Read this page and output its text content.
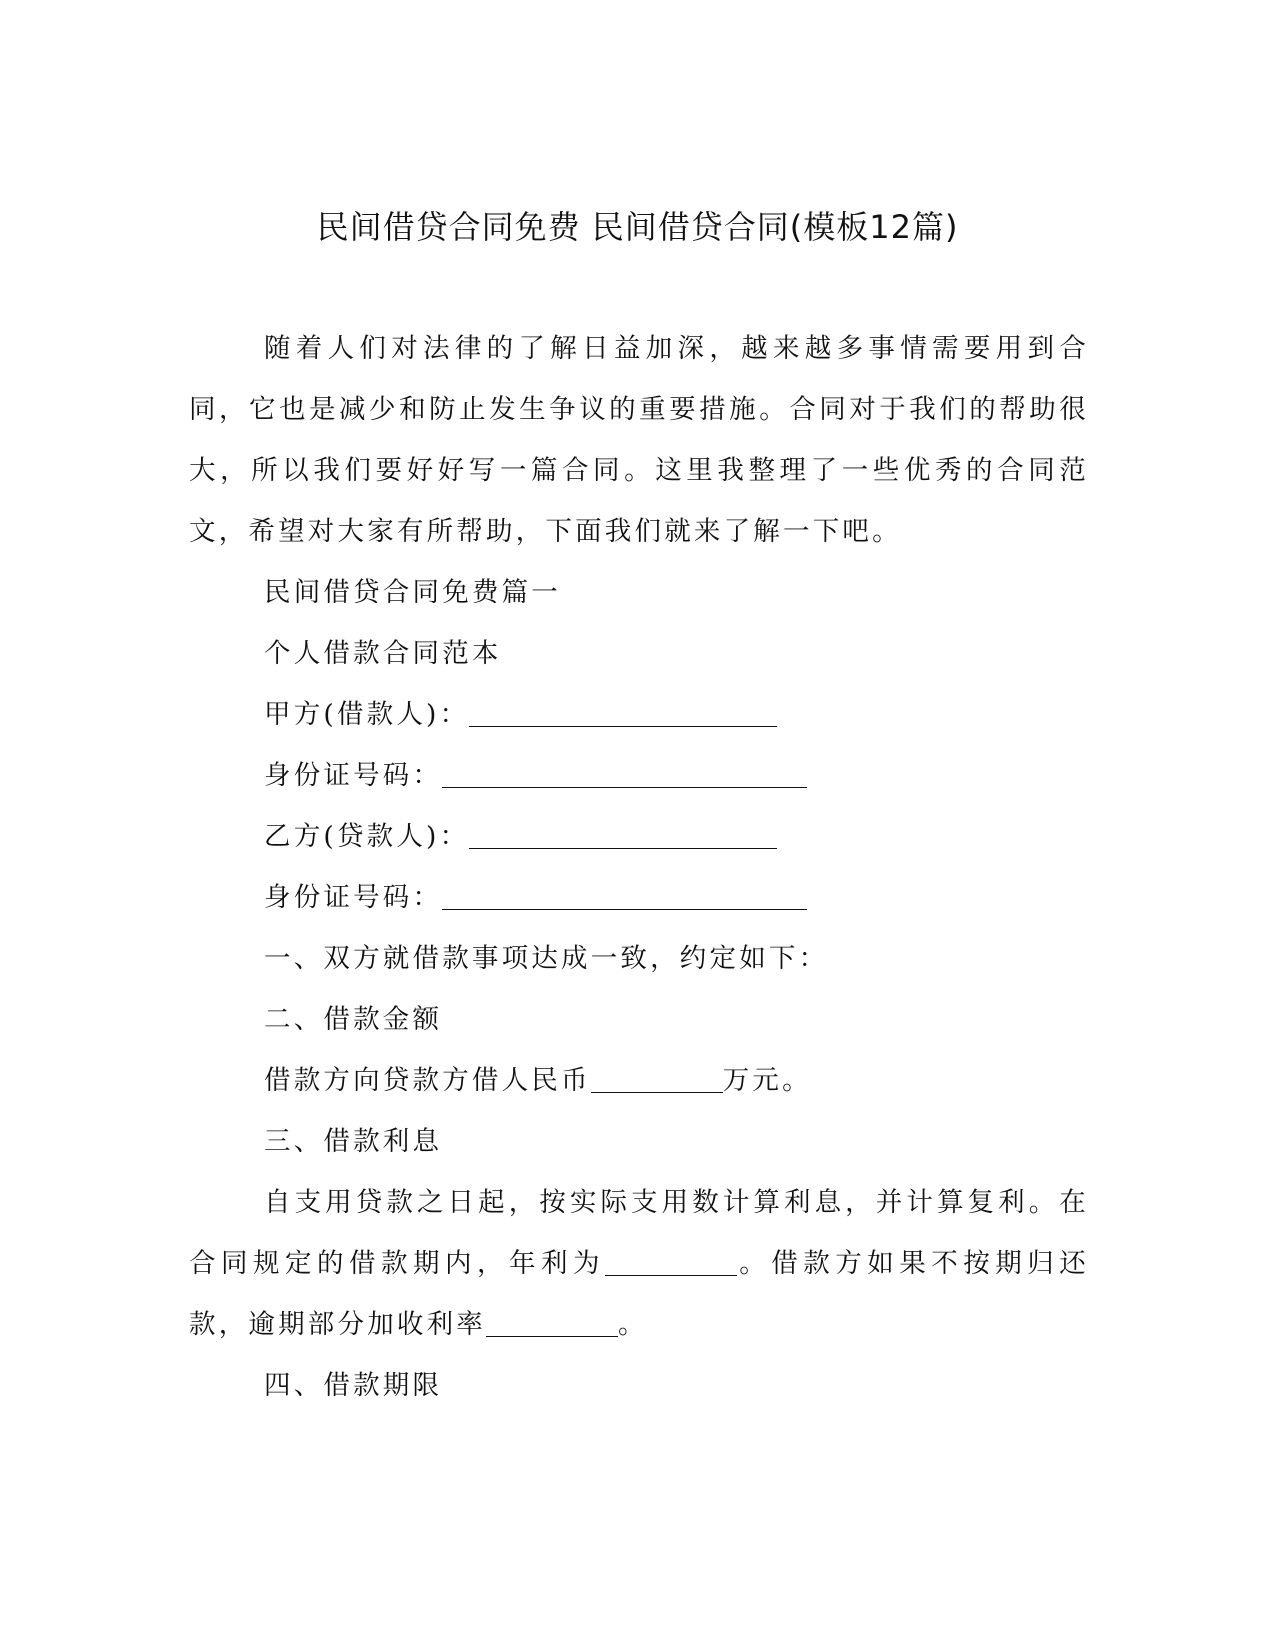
民间借贷合同免费 民间借贷合同(模板12篇)

随着人们对法律的了解日益加深，越来越多事情需要用到合同，它也是减少和防止发生争议的重要措施。合同对于我们的帮助很大，所以我们要好好写一篇合同。这里我整理了一些优秀的合同范文，希望对大家有所帮助，下面我们就来了解一下吧。

民间借贷合同免费篇一

个人借款合同范本

甲方(借款人)：

身份证号码：

乙方(贷款人)：

身份证号码：

一、双方就借款事项达成一致，约定如下：

二、借款金额

借款方向贷款方借人民币	万元。

三、借款利息

自支用贷款之日起，按实际支用数计算利息，并计算复利。在合同规定的借款期内，年利为	。借款方如果不按期归还款，逾期部分加收利率	。

四、借款期限
